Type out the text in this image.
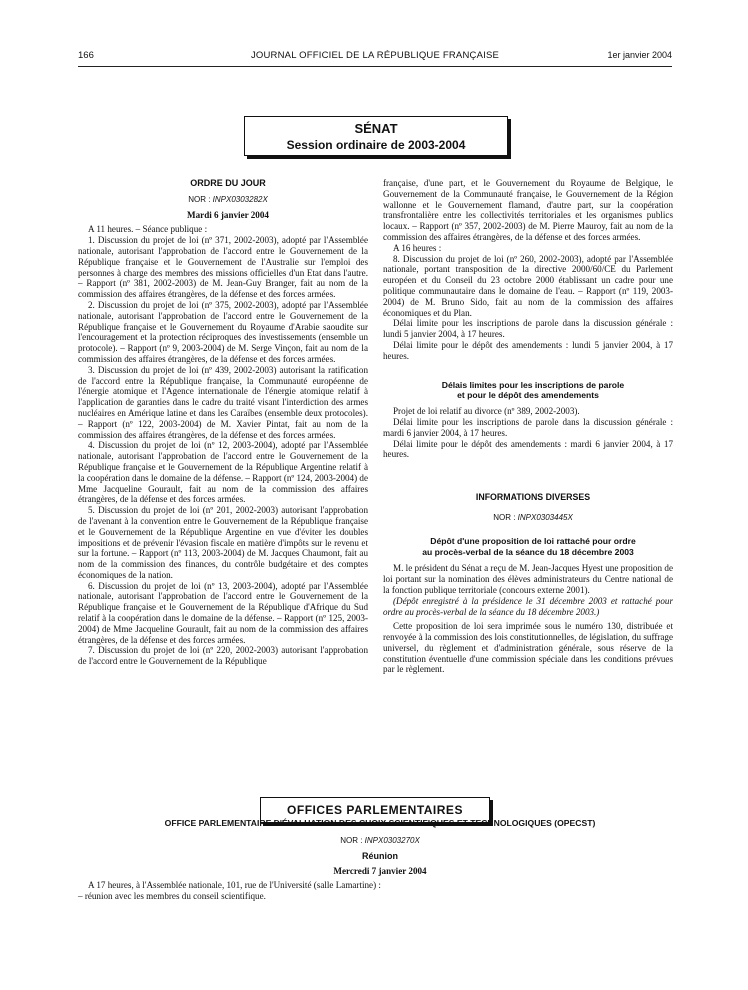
166	JOURNAL OFFICIEL DE LA RÉPUBLIQUE FRANÇAISE	1er janvier 2004
SÉNAT
Session ordinaire de 2003-2004

ORDRE DU JOUR

NOR : INPX0303282X

Mardi 6 janvier 2004

A 11 heures. – Séance publique :

1. Discussion du projet de loi (nº 371, 2002-2003), adopté par l'Assemblée nationale, autorisant l'approbation de l'accord entre le Gouvernement de la République française et le Gouvernement de l'Australie sur l'emploi des personnes à charge des membres des missions officielles d'un Etat dans l'autre. – Rapport (nº 381, 2002-2003) de M. Jean-Guy Branger, fait au nom de la commission des affaires étrangères, de la défense et des forces armées.

2. Discussion du projet de loi (nº 375, 2002-2003), adopté par l'Assemblée nationale, autorisant l'approbation de l'accord entre le Gouvernement de la République française et le Gouvernement du Royaume d'Arabie saoudite sur l'encouragement et la protection réciproques des investissements (ensemble un protocole). – Rapport (nº 9, 2003-2004) de M. Serge Vinçon, fait au nom de la commission des affaires étrangères, de la défense et des forces armées.

3. Discussion du projet de loi (nº 439, 2002-2003) autorisant la ratification de l'accord entre la République française, la Communauté européenne de l'énergie atomique et l'Agence internationale de l'énergie atomique relatif à l'application de garanties dans le cadre du traité visant l'interdiction des armes nucléaires en Amérique latine et dans les Caraïbes (ensemble deux protocoles). – Rapport (nº 122, 2003-2004) de M. Xavier Pintat, fait au nom de la commission des affaires étrangères, de la défense et des forces armées.

4. Discussion du projet de loi (nº 12, 2003-2004), adopté par l'Assemblée nationale, autorisant l'approbation de l'accord entre le Gouvernement de la République française et le Gouvernement de la République Argentine relatif à la coopération dans le domaine de la défense. – Rapport (nº 124, 2003-2004) de Mme Jacqueline Gourault, fait au nom de la commission des affaires étrangères, de la défense et des forces armées.

5. Discussion du projet de loi (nº 201, 2002-2003) autorisant l'approbation de l'avenant à la convention entre le Gouvernement de la République française et le Gouvernement de la République Argentine en vue d'éviter les doubles impositions et de prévenir l'évasion fiscale en matière d'impôts sur le revenu et sur la fortune. – Rapport (nº 113, 2003-2004) de M. Jacques Chaumont, fait au nom de la commission des finances, du contrôle budgétaire et des comptes économiques de la nation.

6. Discussion du projet de loi (nº 13, 2003-2004), adopté par l'Assemblée nationale, autorisant l'approbation de l'accord entre le Gouvernement de la République française et le Gouvernement de la République d'Afrique du Sud relatif à la coopération dans le domaine de la défense. – Rapport (nº 125, 2003-2004) de Mme Jacqueline Gourault, fait au nom de la commission des affaires étrangères, de la défense et des forces armées.

7. Discussion du projet de loi (nº 220, 2002-2003) autorisant l'approbation de l'accord entre le Gouvernement de la République

française, d'une part, et le Gouvernement du Royaume de Belgique, le Gouvernement de la Communauté française, le Gouvernement de la Région wallonne et le Gouvernement flamand, d'autre part, sur la coopération transfrontalière entre les collectivités territoriales et les organismes publics locaux. – Rapport (nº 357, 2002-2003) de M. Pierre Mauroy, fait au nom de la commission des affaires étrangères, de la défense et des forces armées.

A 16 heures :

8. Discussion du projet de loi (nº 260, 2002-2003), adopté par l'Assemblée nationale, portant transposition de la directive 2000/60/CE du Parlement européen et du Conseil du 23 octobre 2000 établissant un cadre pour une politique communautaire dans le domaine de l'eau. – Rapport (nº 119, 2003-2004) de M. Bruno Sido, fait au nom de la commission des affaires économiques et du Plan.

Délai limite pour les inscriptions de parole dans la discussion générale : lundi 5 janvier 2004, à 17 heures.

Délai limite pour le dépôt des amendements : lundi 5 janvier 2004, à 17 heures.

Délais limites pour les inscriptions de parole
et pour le dépôt des amendements

Projet de loi relatif au divorce (nº 389, 2002-2003).

Délai limite pour les inscriptions de parole dans la discussion générale : mardi 6 janvier 2004, à 17 heures.

Délai limite pour le dépôt des amendements : mardi 6 janvier 2004, à 17 heures.

INFORMATIONS DIVERSES

NOR : INPX0303445X

Dépôt d'une proposition de loi rattaché pour ordre
au procès-verbal de la séance du 18 décembre 2003

M. le président du Sénat a reçu de M. Jean-Jacques Hyest une proposition de loi portant sur la nomination des élèves administrateurs du Centre national de la fonction publique territoriale (concours externe 2001).

(Dépôt enregistré à la présidence le 31 décembre 2003 et rattaché pour ordre au procès-verbal de la séance du 18 décembre 2003.)

Cette proposition de loi sera imprimée sous le numéro 130, distribuée et renvoyée à la commission des lois constitutionnelles, de législation, du suffrage universel, du règlement et d'administration générale, sous réserve de la constitution éventuelle d'une commission spéciale dans les conditions prévues par le règlement.

OFFICES PARLEMENTAIRES

OFFICE PARLEMENTAIRE D'ÉVALUATION DES CHOIX SCIENTIFIQUES ET TECHNOLOGIQUES (OPECST)

NOR : INPX0303270X

Réunion

Mercredi 7 janvier 2004

A 17 heures, à l'Assemblée nationale, 101, rue de l'Université (salle Lamartine) :

– réunion avec les membres du conseil scientifique.
